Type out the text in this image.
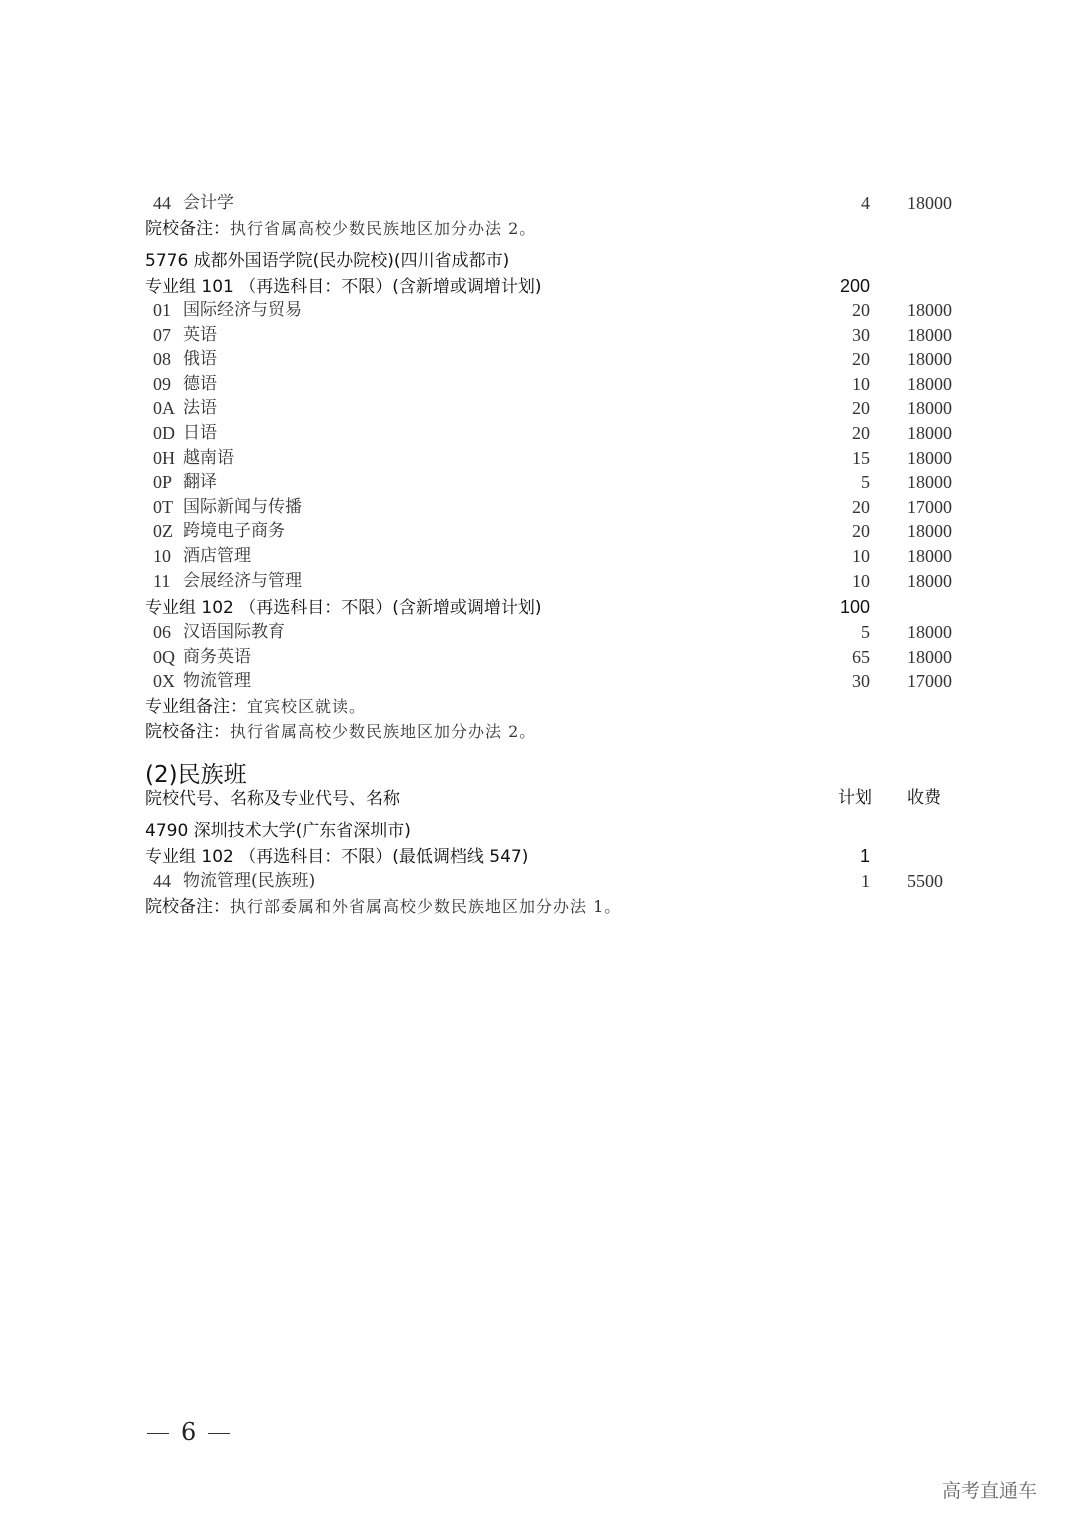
44 会计学	4 18000
院校备注：执行省属高校少数民族地区加分办法 2。
5776 成都外国语学院(民办院校)(四川省成都市)
专业组 101 （再选科目：不限）(含新增或调增计划)	200
01 国际经济与贸易	20 18000
07 英语	30 18000
08 俄语	20 18000
09 德语	10 18000
0A 法语	20 18000
0D 日语	20 18000
0H 越南语	15 18000
0P 翻译	5 18000
0T 国际新闻与传播	20 17000
0Z 跨境电子商务	20 18000
10 酒店管理	10 18000
11 会展经济与管理	10 18000
专业组 102 （再选科目：不限）(含新增或调增计划)	100
06 汉语国际教育	5 18000
0Q 商务英语	65 18000
0X 物流管理	30 17000
专业组备注：宜宾校区就读。
院校备注：执行省属高校少数民族地区加分办法 2。
(2)民族班
院校代号、名称及专业代号、名称	计划 收费
4790 深圳技术大学(广东省深圳市)
专业组 102 （再选科目：不限）(最低调档线 547)	1
44 物流管理(民族班)	1 5500
院校备注：执行部委属和外省属高校少数民族地区加分办法 1。
6
高考直通车
